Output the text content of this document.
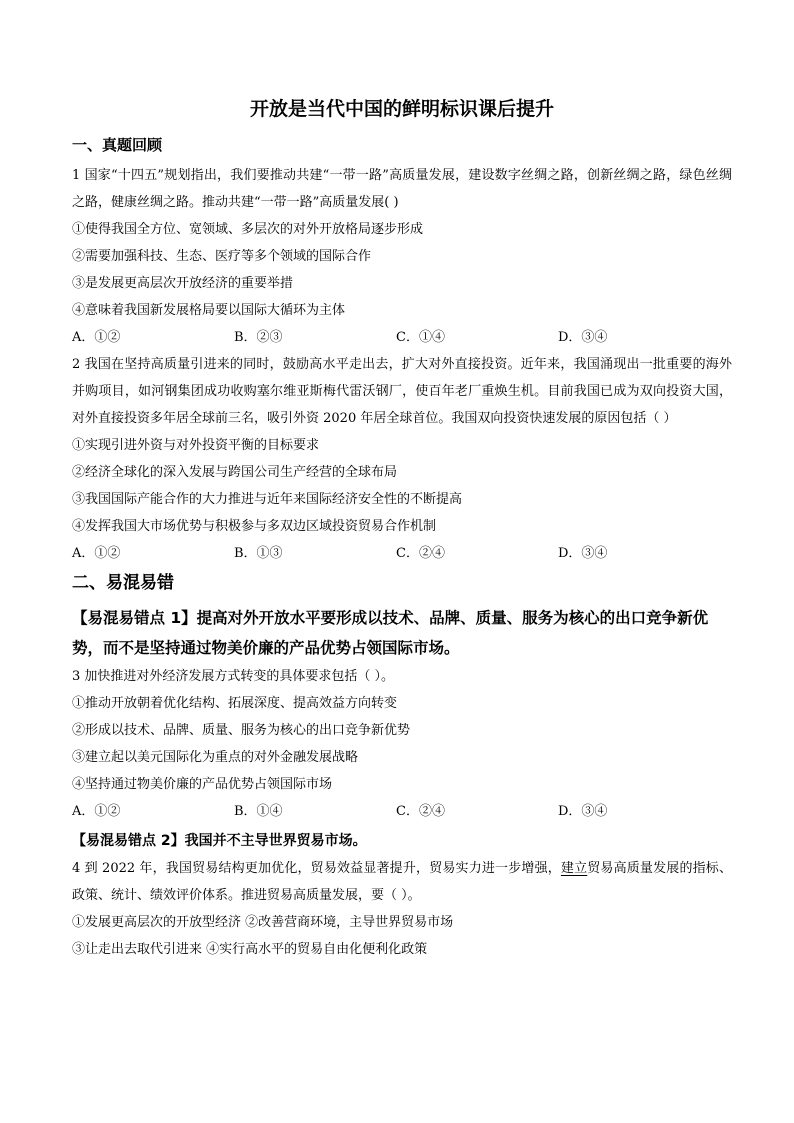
开放是当代中国的鲜明标识课后提升
一、真题回顾

1 国家“十四五”规划指出，我们要推动共建“一带一路”高质量发展，建设数字丝绸之路，创新丝绸之路，绿色丝绸之路，健康丝绸之路。推动共建“一带一路”高质量发展( )

①使得我国全方位、宽领域、多层次的对外开放格局逐步形成

②需要加强科技、生态、医疗等多个领域的国际合作

③是发展更高层次开放经济的重要举措

④意味着我国新发展格局要以国际大循环为主体

A．①②	B．②③	C．①④	D．③④

2 我国在坚持高质量引进来的同时，鼓励高水平走出去，扩大对外直接投资。近年来，我国涌现出一批重要的海外并购项目，如河钢集团成功收购塞尔维亚斯梅代雷沃钢厂，使百年老厂重焕生机。目前我国已成为双向投资大国，对外直接投资多年居全球前三名，吸引外资 2020 年居全球首位。我国双向投资快速发展的原因包括（ ）

①实现引进外资与对外投资平衡的目标要求

②经济全球化的深入发展与跨国公司生产经营的全球布局

③我国国际产能合作的大力推进与近年来国际经济安全性的不断提高

④发挥我国大市场优势与积极参与多双边区域投资贸易合作机制

A．①②	B．①③	C．②④	D．③④
二、易混易错

【易混易错点 1】提高对外开放水平要形成以技术、品牌、质量、服务为核心的出口竞争新优势，而不是坚持通过物美价廉的产品优势占领国际市场。

3 加快推进对外经济发展方式转变的具体要求包括（ ）。

①推动开放朝着优化结构、拓展深度、提高效益方向转变

②形成以技术、品牌、质量、服务为核心的出口竞争新优势

③建立起以美元国际化为重点的对外金融发展战略

④坚持通过物美价廉的产品优势占领国际市场

A．①②	B．①④	C．②④	D．③④

【易混易错点 2】我国并不主导世界贸易市场。

4 到 2022 年，我国贸易结构更加优化，贸易效益显著提升，贸易实力进一步增强，建立贸易高质量发展的指标、政策、统计、绩效评价体系。推进贸易高质量发展，要（ ）。

①发展更高层次的开放型经济 ②改善营商环境，主导世界贸易市场

③让走出去取代引进来 ④实行高水平的贸易自由化便利化政策
